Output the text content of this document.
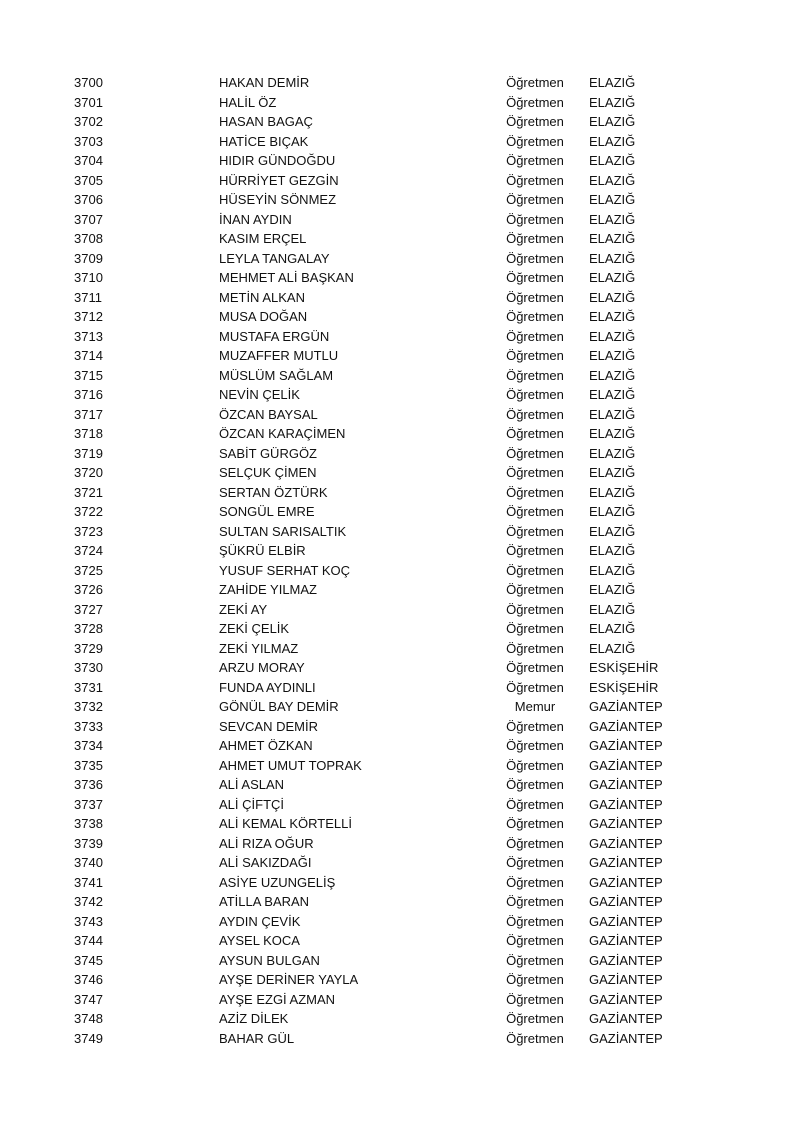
3700	HAKAN DEMİR	Öğretmen ELAZIĞ
3701	HALİL ÖZ	Öğretmen ELAZIĞ
3702	HASAN BAGAÇ	Öğretmen ELAZIĞ
3703	HATİCE BIÇAK	Öğretmen ELAZIĞ
3704	HIDIR GÜNDOĞDU	Öğretmen ELAZIĞ
3705	HÜRRİYET GEZGİN	Öğretmen ELAZIĞ
3706	HÜSEYİN SÖNMEZ	Öğretmen ELAZIĞ
3707	İNAN AYDIN	Öğretmen ELAZIĞ
3708	KASIM ERÇEL	Öğretmen ELAZIĞ
3709	LEYLA TANGALAY	Öğretmen ELAZIĞ
3710	MEHMET ALİ BAŞKAN	Öğretmen ELAZIĞ
3711	METİN ALKAN	Öğretmen ELAZIĞ
3712	MUSA DOĞAN	Öğretmen ELAZIĞ
3713	MUSTAFA ERGÜN	Öğretmen ELAZIĞ
3714	MUZAFFER MUTLU	Öğretmen ELAZIĞ
3715	MÜSLÜM SAĞLAM	Öğretmen ELAZIĞ
3716	NEVİN ÇELİK	Öğretmen ELAZIĞ
3717	ÖZCAN BAYSAL	Öğretmen ELAZIĞ
3718	ÖZCAN KARAÇİMEN	Öğretmen ELAZIĞ
3719	SABİT GÜRGÖZ	Öğretmen ELAZIĞ
3720	SELÇUK ÇİMEN	Öğretmen ELAZIĞ
3721	SERTAN ÖZTÜRK	Öğretmen ELAZIĞ
3722	SONGÜL EMRE	Öğretmen ELAZIĞ
3723	SULTAN SARISALTIK	Öğretmen ELAZIĞ
3724	ŞÜKRÜ ELBİR	Öğretmen ELAZIĞ
3725	YUSUF SERHAT KOÇ	Öğretmen ELAZIĞ
3726	ZAHİDE YILMAZ	Öğretmen ELAZIĞ
3727	ZEKİ AY	Öğretmen ELAZIĞ
3728	ZEKİ ÇELİK	Öğretmen ELAZIĞ
3729	ZEKİ YILMAZ	Öğretmen ELAZIĞ
3730	ARZU MORAY	Öğretmen ESKİŞEHİR
3731	FUNDA AYDINLI	Öğretmen ESKİŞEHİR
3732	GÖNÜL BAY DEMİR	Memur	GAZİANTEP
3733	SEVCAN DEMİR	Öğretmen GAZİANTEP
3734	AHMET ÖZKAN	Öğretmen GAZİANTEP
3735	AHMET UMUT TOPRAK	Öğretmen GAZİANTEP
3736	ALİ ASLAN	Öğretmen GAZİANTEP
3737	ALİ ÇİFTÇİ	Öğretmen GAZİANTEP
3738	ALİ KEMAL KÖRTELLİ	Öğretmen GAZİANTEP
3739	ALİ RIZA OĞUR	Öğretmen GAZİANTEP
3740	ALİ SAKIZDAĞI	Öğretmen GAZİANTEP
3741	ASİYE UZUNGELİŞ	Öğretmen GAZİANTEP
3742	ATİLLA BARAN	Öğretmen GAZİANTEP
3743	AYDIN ÇEVİK	Öğretmen GAZİANTEP
3744	AYSEL KOCA	Öğretmen GAZİANTEP
3745	AYSUN BULGAN	Öğretmen GAZİANTEP
3746	AYŞE DERİNER YAYLA	Öğretmen GAZİANTEP
3747	AYŞE EZGİ AZMAN	Öğretmen GAZİANTEP
3748	AZİZ DİLEK	Öğretmen GAZİANTEP
3749	BAHAR GÜL	Öğretmen GAZİANTEP
